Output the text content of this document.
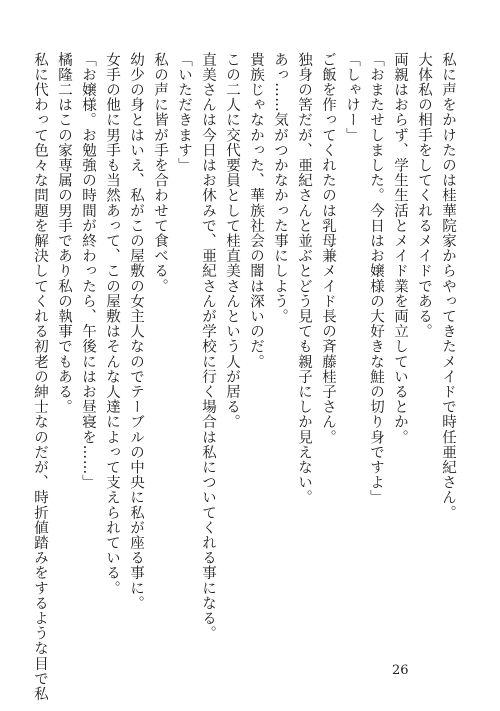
私に声をかけたのは桂華院家からやってきたメイドで時任亜紀さん。
大体私の相手をしてくれるメイドである。
両親はおらず、学生生活とメイド業を両立しているとか。
「おまたせしました。今日はお嬢様の大好きな鮭の切り身ですよ」
「しゃけー」
ご飯を作ってくれたのは乳母兼メイド長の斉藤桂子さん。
独身の筈だが、亜紀さんと並ぶとどう見ても親子にしか見えない。
あっ……気がつかなかった事にしよう。
貴族じゃなかった、華族社会の闇は深いのだ。
この二人に交代要員として桂直美さんという人が居る。
直美さんは今日はお休みで、亜紀さんが学校に行く場合は私についてくれる事になる。
「いただきます」
私の声に皆が手を合わせて食べる。
幼少の身とはいえ、私がこの屋敷の女主人なのでテーブルの中央に私が座る事に。
女手の他に男手も当然あって、この屋敷はそんな人達によって支えられている。
「お嬢様。お勉強の時間が終わったら、午後にはお昼寝を……」
橘隆二はこの家専属の男手であり私の執事でもある。
私に代わって色々な問題を解決してくれる初老の紳士なのだが、時折値踏みをするような目で私	26
